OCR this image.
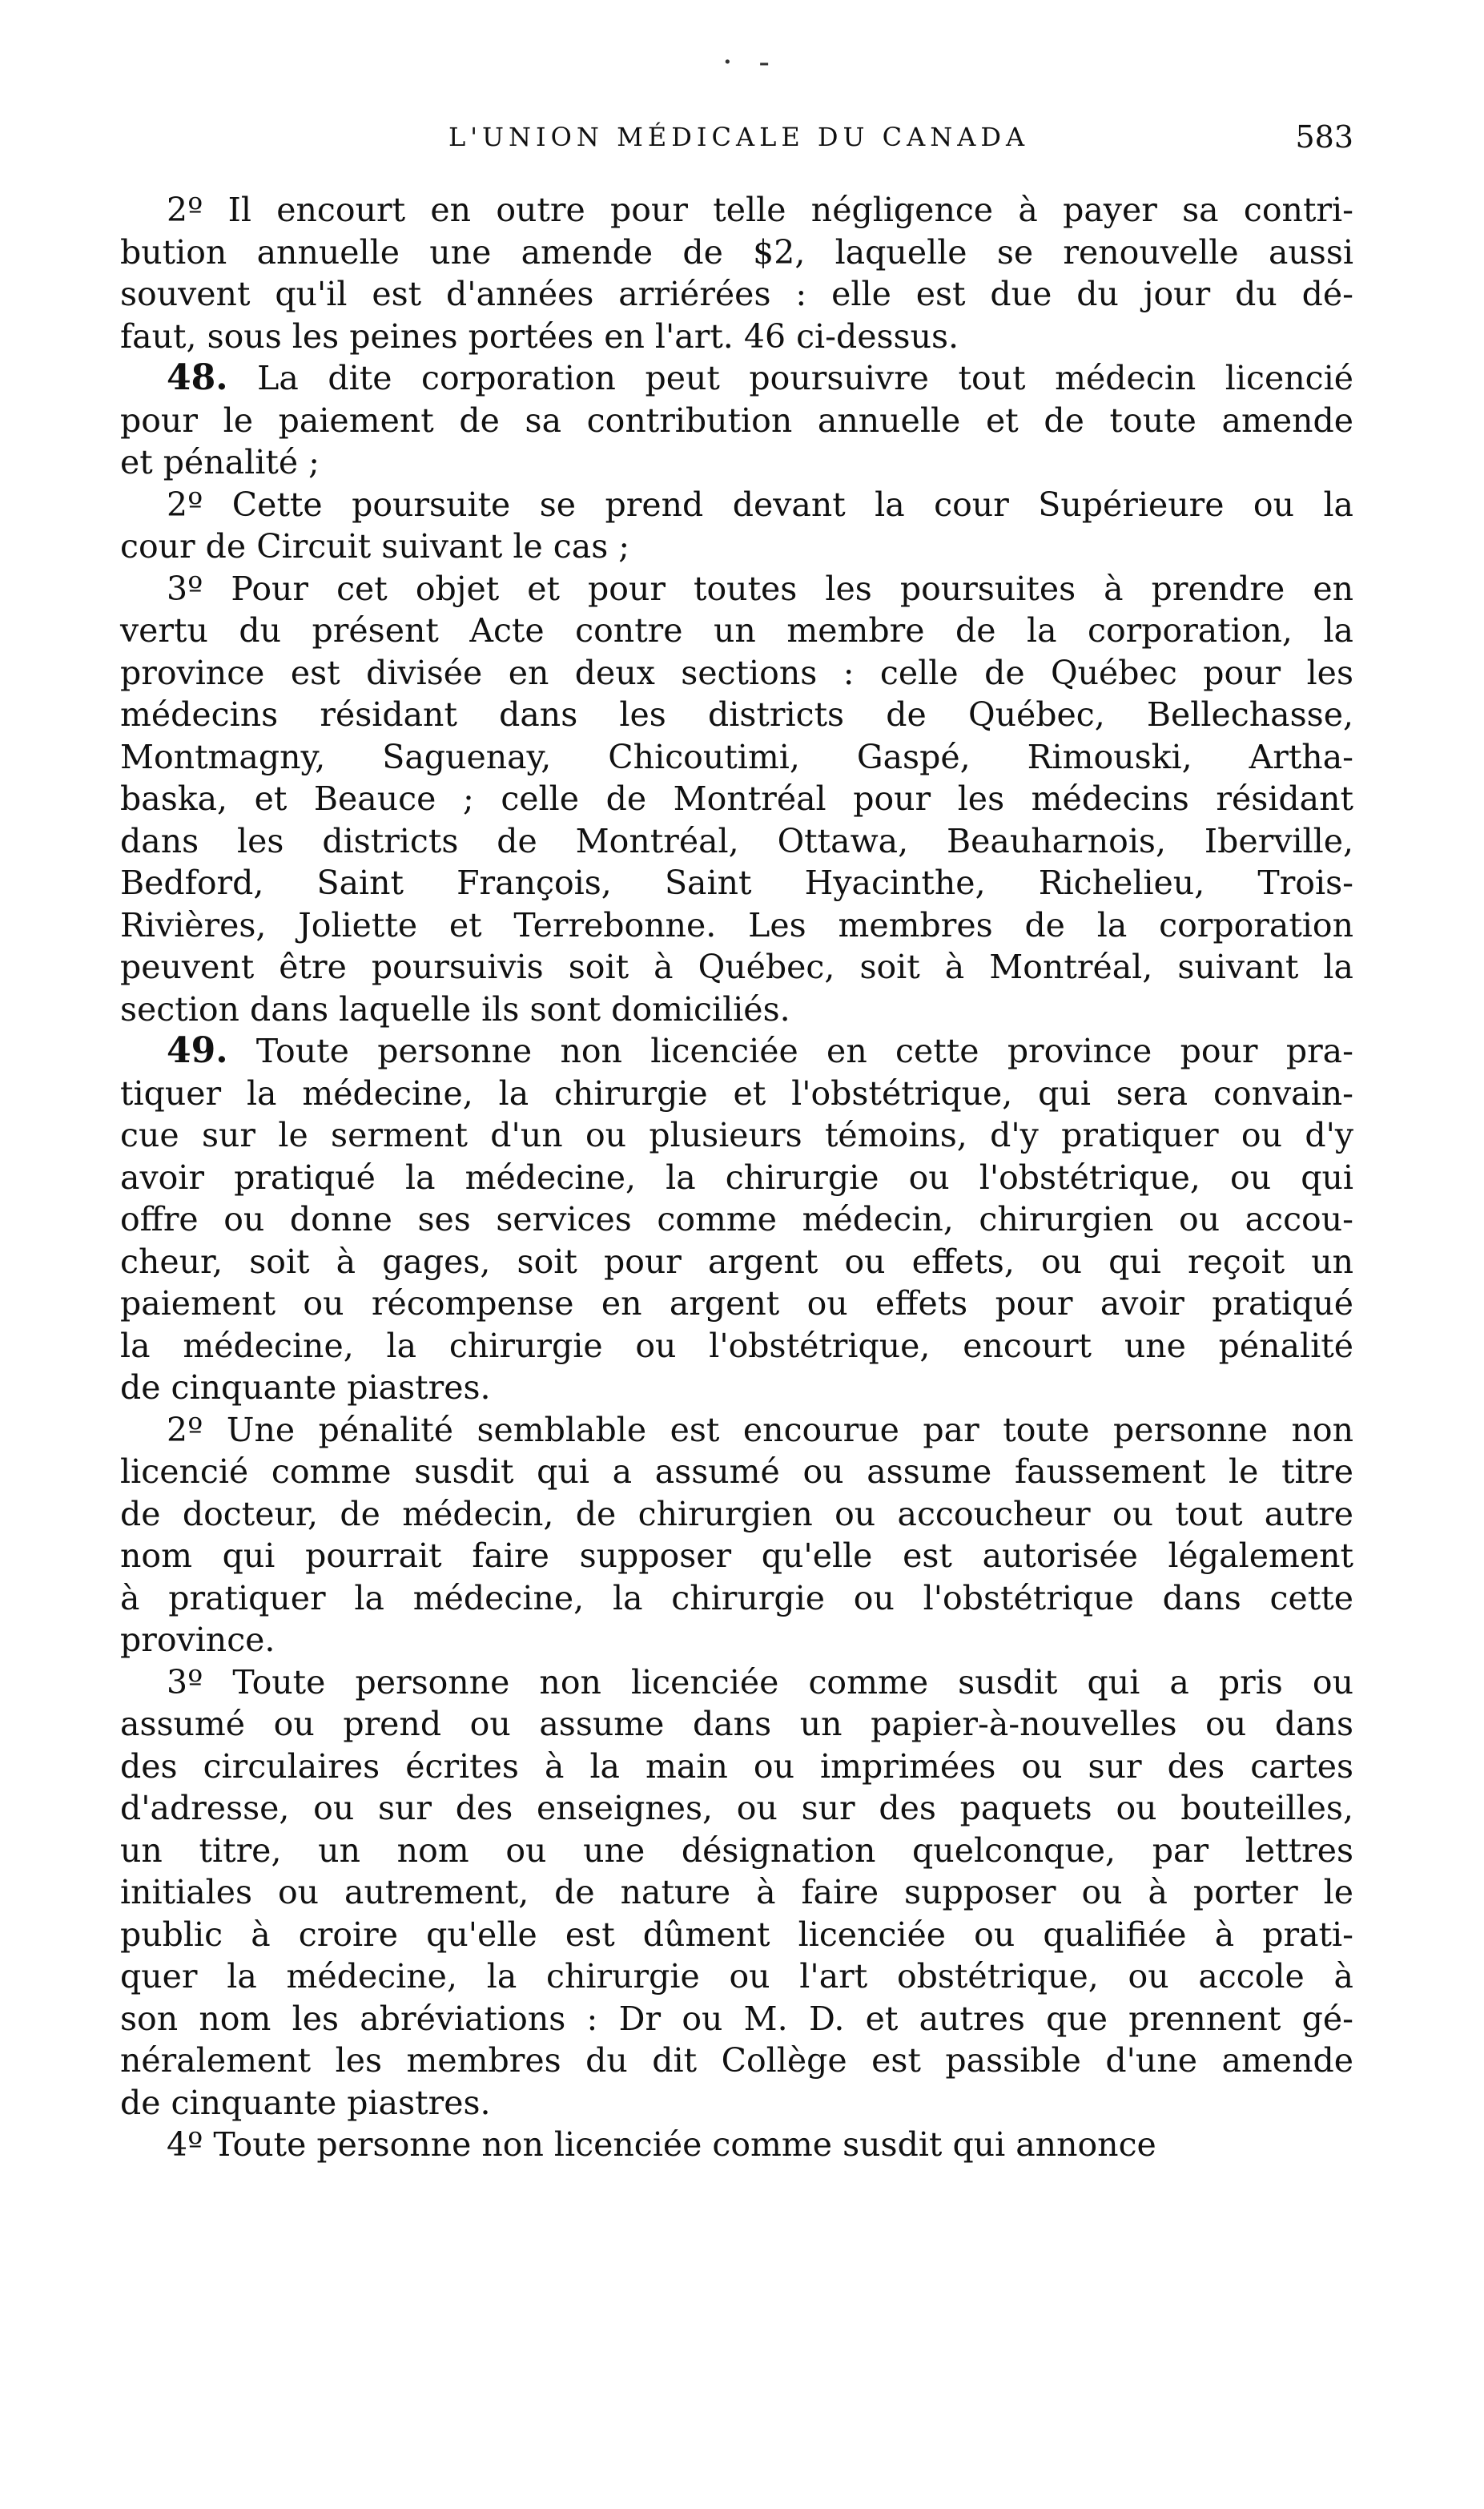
· -
L'UNION MÉDICALE DU CANADA	583
2º Il encourt en outre pour telle négligence à payer sa contri-
bution annuelle une amende de $2, laquelle se renouvelle aussi
souvent qu'il est d'années arriérées : elle est due du jour du dé-
faut, sous les peines portées en l'art. 46 ci-dessus.
48. La dite corporation peut poursuivre tout médecin licencié
pour le paiement de sa contribution annuelle et de toute amende
et pénalité ;
2º Cette poursuite se prend devant la cour Supérieure ou la
cour de Circuit suivant le cas ;
3º Pour cet objet et pour toutes les poursuites à prendre en
vertu du présent Acte contre un membre de la corporation, la
province est divisée en deux sections : celle de Québec pour les
médecins résidant dans les districts de Québec, Bellechasse,
Montmagny, Saguenay, Chicoutimi, Gaspé, Rimouski, Artha-
baska, et Beauce ; celle de Montréal pour les médecins résidant
dans les districts de Montréal, Ottawa, Beauharnois, Iberville,
Bedford, Saint François, Saint Hyacinthe, Richelieu, Trois-
Rivières, Joliette et Terrebonne. Les membres de la corporation
peuvent être poursuivis soit à Québec, soit à Montréal, suivant la
section dans laquelle ils sont domiciliés.
49. Toute personne non licenciée en cette province pour pra-
tiquer la médecine, la chirurgie et l'obstétrique, qui sera convain-
cue sur le serment d'un ou plusieurs témoins, d'y pratiquer ou d'y
avoir pratiqué la médecine, la chirurgie ou l'obstétrique, ou qui
offre ou donne ses services comme médecin, chirurgien ou accou-
cheur, soit à gages, soit pour argent ou effets, ou qui reçoit un
paiement ou récompense en argent ou effets pour avoir pratiqué
la médecine, la chirurgie ou l'obstétrique, encourt une pénalité
de cinquante piastres.
2º Une pénalité semblable est encourue par toute personne non
licencié comme susdit qui a assumé ou assume faussement le titre
de docteur, de médecin, de chirurgien ou accoucheur ou tout autre
nom qui pourrait faire supposer qu'elle est autorisée légalement
à pratiquer la médecine, la chirurgie ou l'obstétrique dans cette
province.
3º Toute personne non licenciée comme susdit qui a pris ou
assumé ou prend ou assume dans un papier-à-nouvelles ou dans
des circulaires écrites à la main ou imprimées ou sur des cartes
d'adresse, ou sur des enseignes, ou sur des paquets ou bouteilles,
un titre, un nom ou une désignation quelconque, par lettres
initiales ou autrement, de nature à faire supposer ou à porter le
public à croire qu'elle est dûment licenciée ou qualifiée à prati-
quer la médecine, la chirurgie ou l'art obstétrique, ou accole à
son nom les abréviations : Dr ou M. D. et autres que prennent gé-
néralement les membres du dit Collège est passible d'une amende
de cinquante piastres.
4º Toute personne non licenciée comme susdit qui annonce
